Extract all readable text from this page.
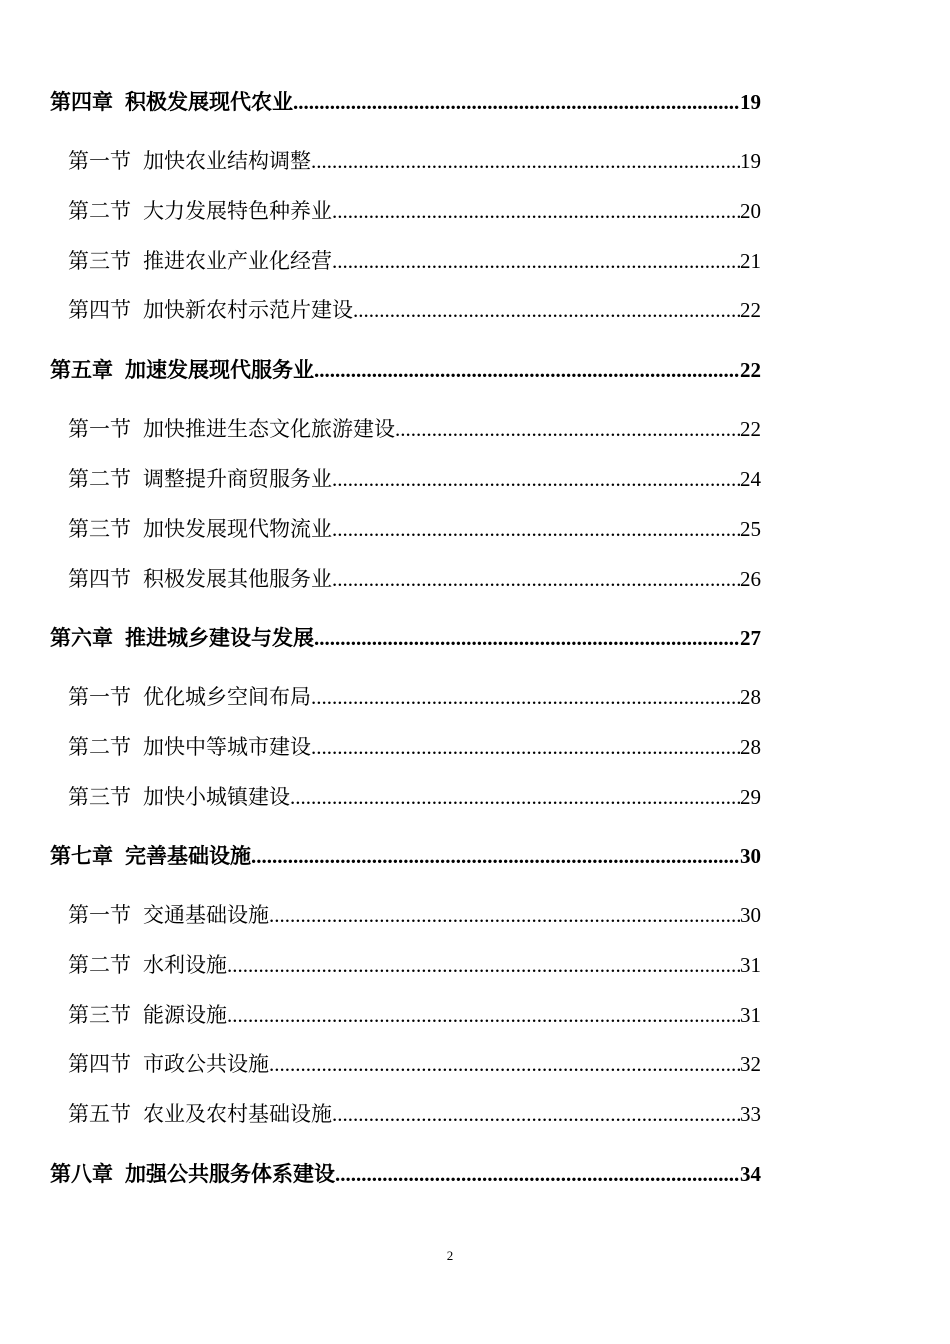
第四章 积极发展现代农业 .....	19
第一节 加快农业结构调整 .....	19
第二节 大力发展特色种养业 .....	20
第三节 推进农业产业化经营 .....	21
第四节 加快新农村示范片建设 .....	22
第五章 加速发展现代服务业 .....	22
第一节 加快推进生态文化旅游建设 .....	22
第二节 调整提升商贸服务业 .....	24
第三节 加快发展现代物流业 .....	25
第四节 积极发展其他服务业 .....	26
第六章 推进城乡建设与发展 .....	27
第一节 优化城乡空间布局 .....	28
第二节 加快中等城市建设 .....	28
第三节 加快小城镇建设 .....	29
第七章 完善基础设施 .....	30
第一节 交通基础设施 .....	30
第二节 水利设施 .....	31
第三节 能源设施 .....	31
第四节 市政公共设施 .....	32
第五节 农业及农村基础设施 .....	33
第八章 加强公共服务体系建设 .....	34
2
